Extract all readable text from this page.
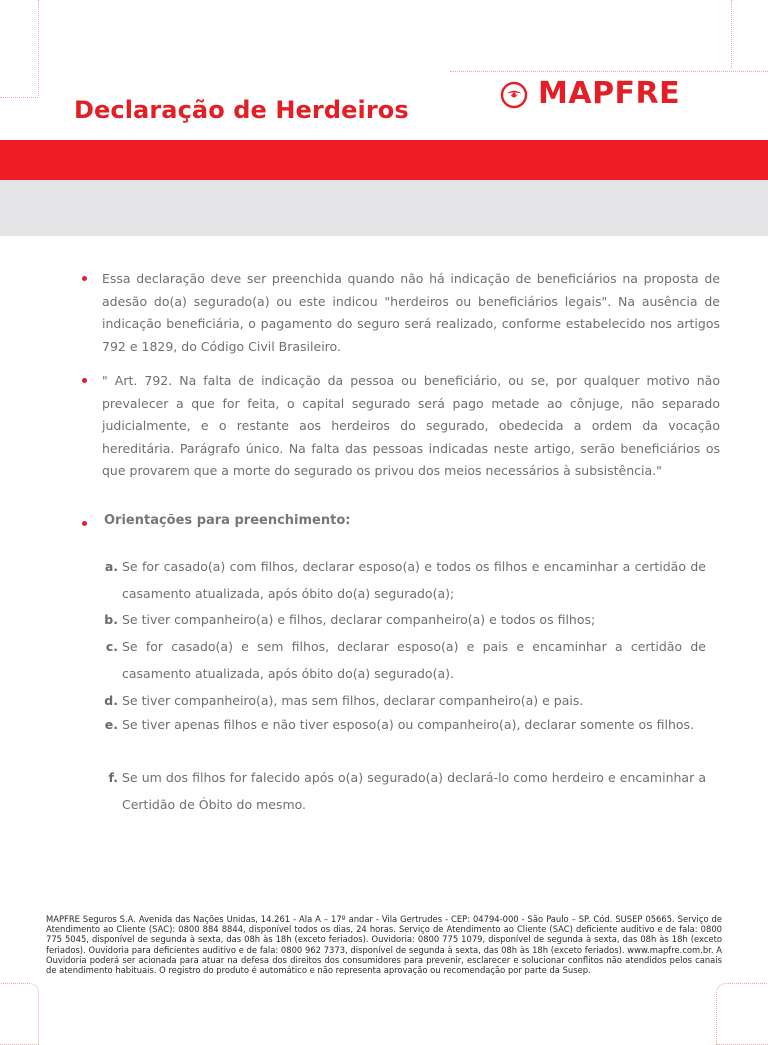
Declaração de Herdeiros	MAPFRE

Essa declaração deve ser preenchida quando não há indicação de beneficiários na proposta de adesão do(a) segurado(a) ou este indicou "herdeiros ou beneficiários legais". Na ausência de indicação beneficiária, o pagamento do seguro será realizado, conforme estabelecido nos artigos 792 e 1829, do Código Civil Brasileiro.

" Art. 792. Na falta de indicação da pessoa ou beneficiário, ou se, por qualquer motivo não prevalecer a que for feita, o capital segurado será pago metade ao cônjuge, não separado judicialmente, e o restante aos herdeiros do segurado, obedecida a ordem da vocação hereditária. Parágrafo único. Na falta das pessoas indicadas neste artigo, serão beneficiários os que provarem que a morte do segurado os privou dos meios necessários à subsistência."

Orientações para preenchimento:

a. Se for casado(a) com filhos, declarar esposo(a) e todos os filhos e encaminhar a certidão de casamento atualizada, após óbito do(a) segurado(a);
b. Se tiver companheiro(a) e filhos, declarar companheiro(a) e todos os filhos;
c. Se for casado(a) e sem filhos, declarar esposo(a) e pais e encaminhar a certidão de casamento atualizada, após óbito do(a) segurado(a).
d. Se tiver companheiro(a), mas sem filhos, declarar companheiro(a) e pais.
e. Se tiver apenas filhos e não tiver esposo(a) ou companheiro(a), declarar somente os filhos.
f. Se um dos filhos for falecido após o(a) segurado(a) declará-lo como herdeiro e encaminhar a Certidão de Óbito do mesmo.

MAPFRE Seguros S.A. Avenida das Nações Unidas, 14.261 - Ala A – 17º andar - Vila Gertrudes - CEP: 04794-000 - São Paulo – SP. Cód. SUSEP 05665. Serviço de Atendimento ao Cliente (SAC): 0800 884 8844, disponível todos os dias, 24 horas. Serviço de Atendimento ao Cliente (SAC) deficiente auditivo e de fala: 0800 775 5045, disponível de segunda à sexta, das 08h às 18h (exceto feriados). Ouvidoria: 0800 775 1079, disponível de segunda à sexta, das 08h às 18h (exceto feriados). Ouvidoria para deficientes auditivo e de fala: 0800 962 7373, disponível de segunda à sexta, das 08h às 18h (exceto feriados). www.mapfre.com.br. A Ouvidoria poderá ser acionada para atuar na defesa dos direitos dos consumidores para prevenir, esclarecer e solucionar conflitos não atendidos pelos canais de atendimento habituais. O registro do produto é automático e não representa aprovação ou recomendação por parte da Susep.
